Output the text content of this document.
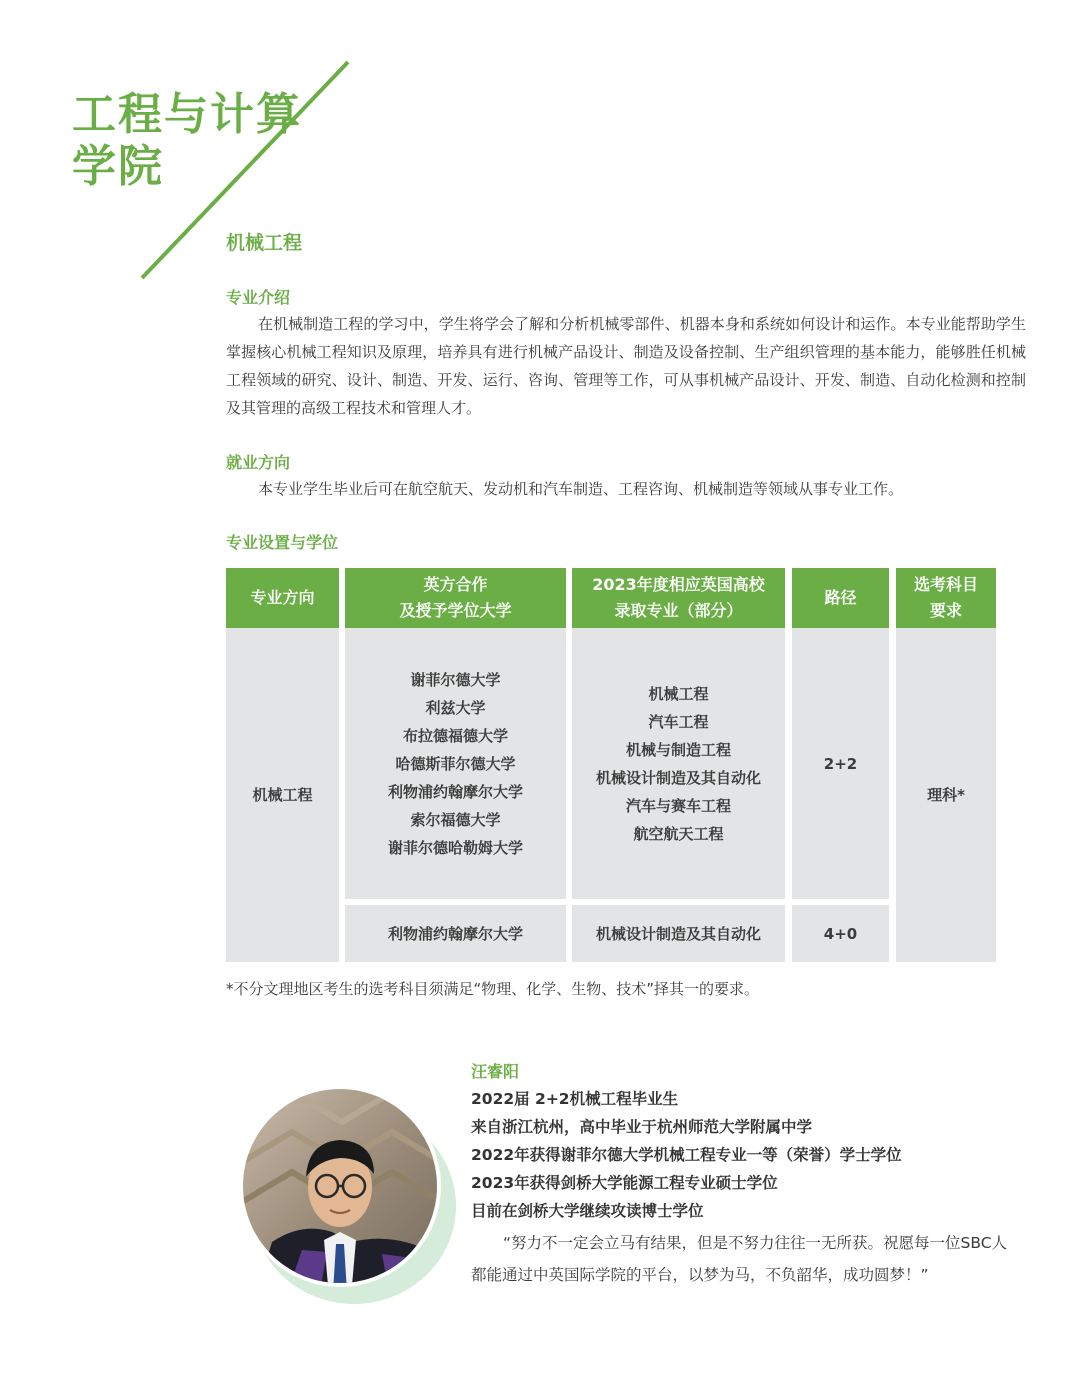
工程与计算
学院
机械工程
专业介绍
在机械制造工程的学习中，学生将学会了解和分析机械零部件、机器本身和系统如何设计和运作。本专业能帮助学生掌握核心机械工程知识及原理，培养具有进行机械产品设计、制造及设备控制、生产组织管理的基本能力，能够胜任机械工程领域的研究、设计、制造、开发、运行、咨询、管理等工作，可从事机械产品设计、开发、制造、自动化检测和控制及其管理的高级工程技术和管理人才。
就业方向
本专业学生毕业后可在航空航天、发动机和汽车制造、工程咨询、机械制造等领域从事专业工作。
专业设置与学位
专业方向
英方合作
及授予学位大学
2023年度相应英国高校
录取专业（部分）
路径
选考科目
要求
机械工程
谢菲尔德大学
利兹大学
布拉德福德大学
哈德斯菲尔德大学
利物浦约翰摩尔大学
索尔福德大学
谢菲尔德哈勒姆大学
机械工程
汽车工程
机械与制造工程
机械设计制造及其自动化
汽车与赛车工程
航空航天工程
2+2
理科*
利物浦约翰摩尔大学	机械设计制造及其自动化	4+0
*不分文理地区考生的选考科目须满足“物理、化学、生物、技术”择其一的要求。
汪睿阳
2022届 2+2机械工程毕业生
来自浙江杭州，高中毕业于杭州师范大学附属中学
2022年获得谢菲尔德大学机械工程专业一等（荣誉）学士学位
2023年获得剑桥大学能源工程专业硕士学位
目前在剑桥大学继续攻读博士学位
“努力不一定会立马有结果，但是不努力往往一无所获。祝愿每一位SBC人都能通过中英国际学院的平台，以梦为马，不负韶华，成功圆梦！”
